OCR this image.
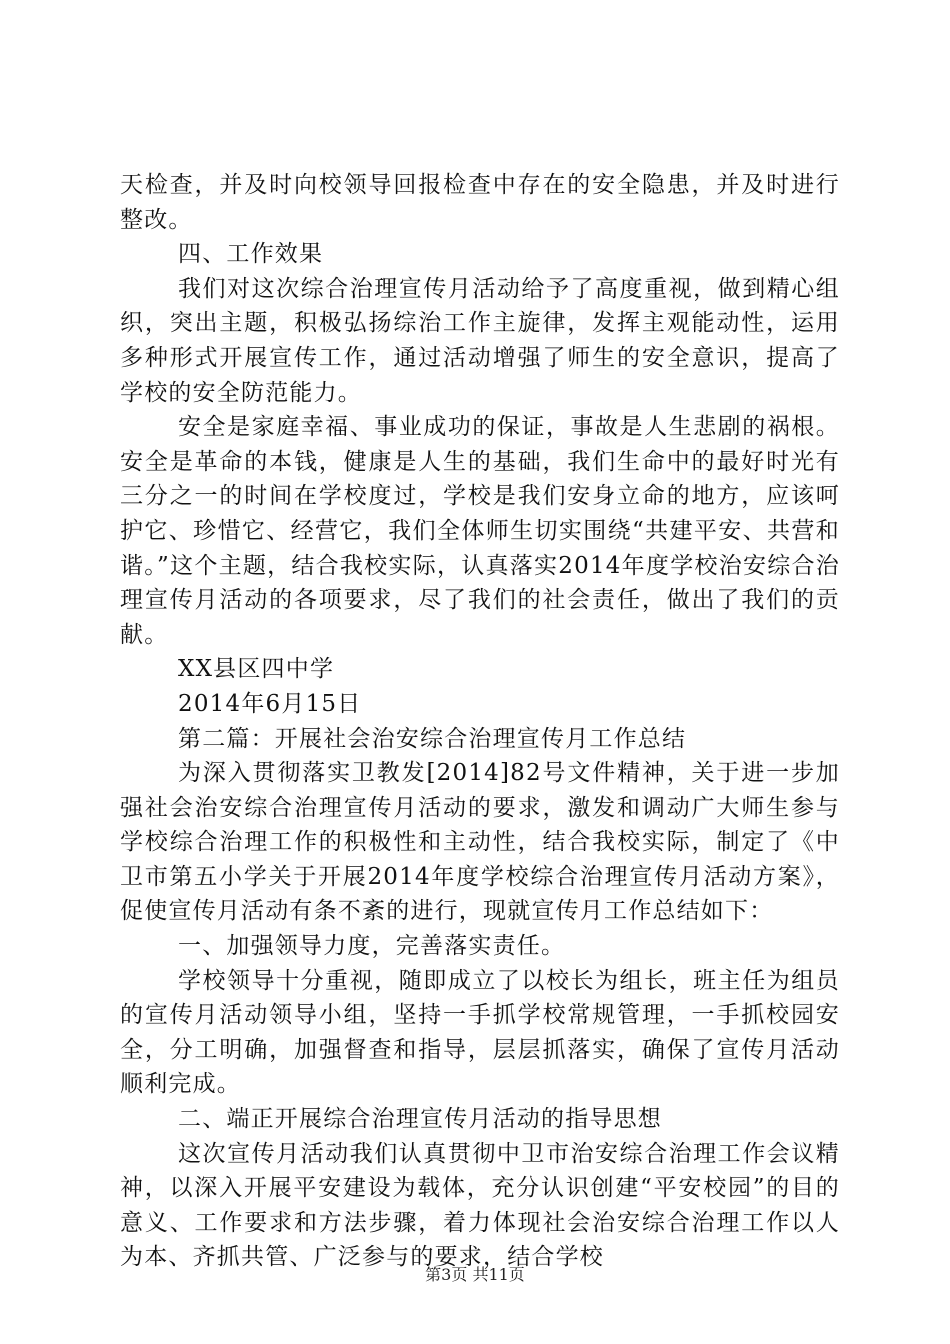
天检查，并及时向校领导回报检查中存在的安全隐患，并及时进行整改。

四、工作效果

我们对这次综合治理宣传月活动给予了高度重视，做到精心组织，突出主题，积极弘扬综治工作主旋律，发挥主观能动性，运用多种形式开展宣传工作，通过活动增强了师生的安全意识，提高了学校的安全防范能力。

安全是家庭幸福、事业成功的保证，事故是人生悲剧的祸根。安全是革命的本钱，健康是人生的基础，我们生命中的最好时光有三分之一的时间在学校度过，学校是我们安身立命的地方，应该呵护它、珍惜它、经营它，我们全体师生切实围绕“共建平安、共营和谐。”这个主题，结合我校实际，认真落实2014年度学校治安综合治理宣传月活动的各项要求，尽了我们的社会责任，做出了我们的贡献。

XX县区四中学

2014年6月15日

第二篇：开展社会治安综合治理宣传月工作总结

为深入贯彻落实卫教发[2014]82号文件精神，关于进一步加强社会治安综合治理宣传月活动的要求，激发和调动广大师生参与学校综合治理工作的积极性和主动性，结合我校实际，制定了《中卫市第五小学关于开展2014年度学校综合治理宣传月活动方案》，促使宣传月活动有条不紊的进行，现就宣传月工作总结如下：

一、加强领导力度，完善落实责任。

学校领导十分重视，随即成立了以校长为组长，班主任为组员的宣传月活动领导小组，坚持一手抓学校常规管理，一手抓校园安全，分工明确，加强督查和指导，层层抓落实，确保了宣传月活动顺利完成。

二、端正开展综合治理宣传月活动的指导思想

这次宣传月活动我们认真贯彻中卫市治安综合治理工作会议精神，以深入开展平安建设为载体，充分认识创建“平安校园”的目的意义、工作要求和方法步骤，着力体现社会治安综合治理工作以人为本、齐抓共管、广泛参与的要求，结合学校

第3页 共11页
